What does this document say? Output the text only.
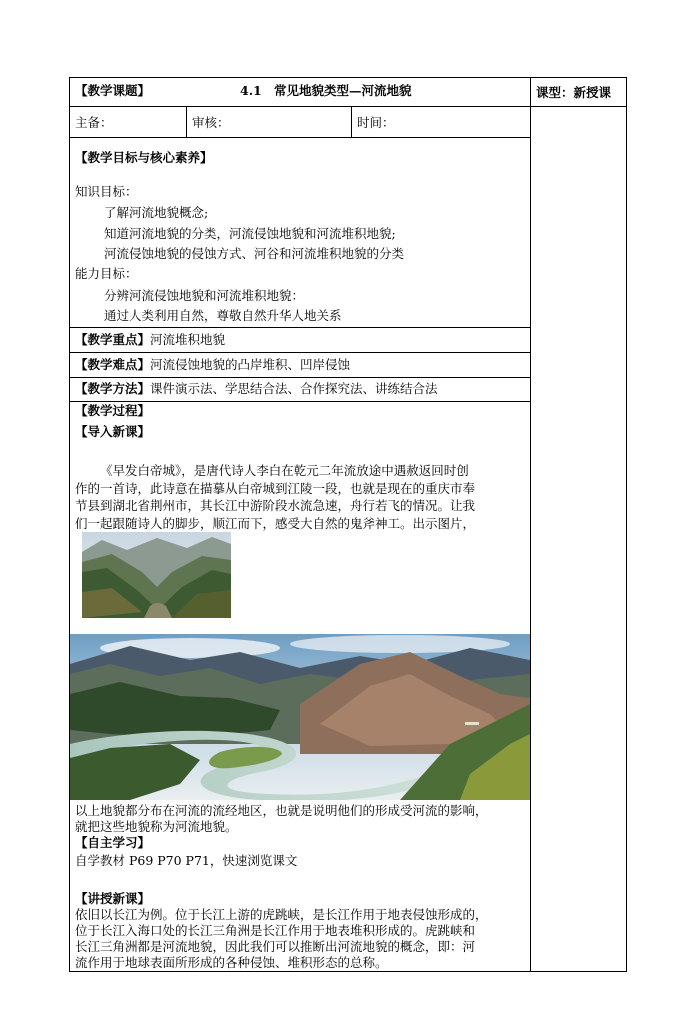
【教学课题】	4.1 常见地貌类型—河流地貌	课型：新授课
主备：	审核：	时间：
【教学目标与核心素养】
知识目标：
了解河流地貌概念;
知道河流地貌的分类，河流侵蚀地貌和河流堆积地貌;
河流侵蚀地貌的侵蚀方式、河谷和河流堆积地貌的分类
能力目标：
分辨河流侵蚀地貌和河流堆积地貌：
通过人类利用自然，尊敬自然升华人地关系
【教学重点】河流堆积地貌
【教学难点】河流侵蚀地貌的凸岸堆积、凹岸侵蚀
【教学方法】课件演示法、学思结合法、合作探究法、讲练结合法
【教学过程】
【导入新课】
《早发白帝城》，是唐代诗人李白在乾元二年流放途中遇赦返回时创
作的一首诗，此诗意在描摹从白帝城到江陵一段，也就是现在的重庆市奉
节县到湖北省荆州市，其长江中游阶段水流急速，舟行若飞的情况。让我
们一起跟随诗人的脚步，顺江而下，感受大自然的鬼斧神工。出示图片，
以上地貌都分布在河流的流经地区，也就是说明他们的形成受河流的影响，
就把这些地貌称为河流地貌。
【自主学习】
自学教材 P69 P70 P71，快速浏览课文
【讲授新课】
依旧以长江为例。位于长江上游的虎跳峡，是长江作用于地表侵蚀形成的，
位于长江入海口处的长江三角洲是长江作用于地表堆积形成的。虎跳峡和
长江三角洲都是河流地貌，因此我们可以推断出河流地貌的概念，即：河
流作用于地球表面所形成的各种侵蚀、堆积形态的总称。
